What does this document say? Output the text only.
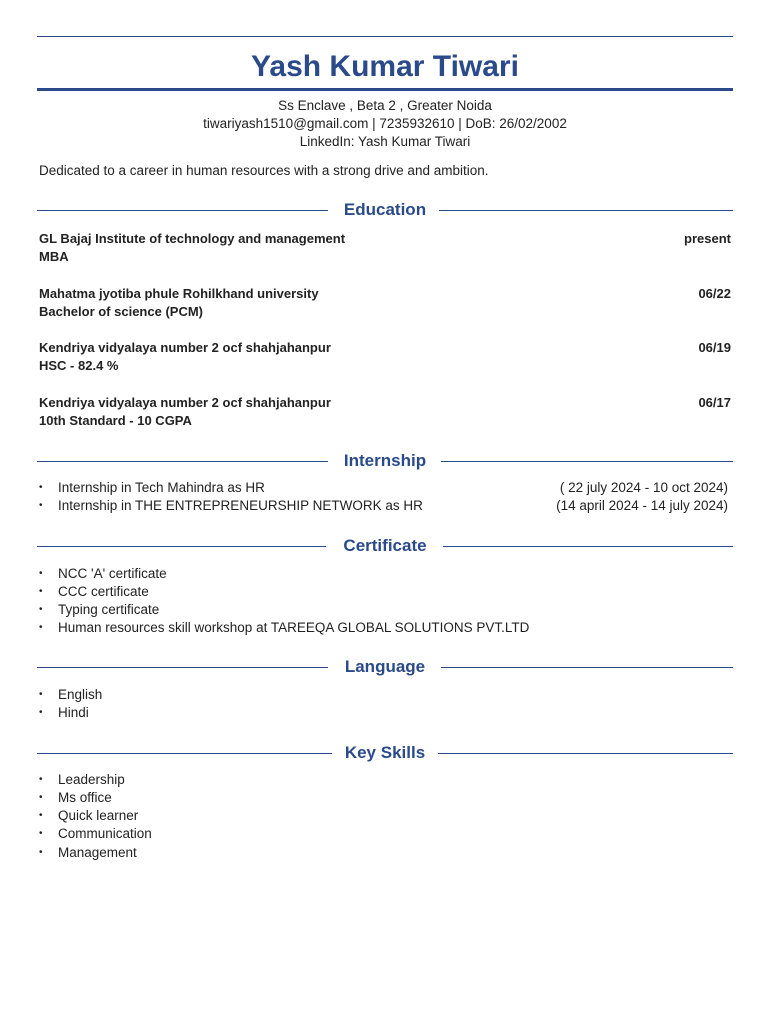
Yash Kumar Tiwari
Ss Enclave , Beta 2 , Greater Noida
tiwariyash1510@gmail.com | 7235932610 | DoB: 26/02/2002
LinkedIn: Yash Kumar Tiwari
Dedicated to a career in human resources with a strong drive and ambition.
Education
GL Bajaj Institute of technology and management
MBA
present
Mahatma jyotiba phule Rohilkhand university
Bachelor of science (PCM)
06/22
Kendriya vidyalaya number 2 ocf shahjahanpur
HSC - 82.4 %
06/19
Kendriya vidyalaya number 2 ocf shahjahanpur
10th Standard - 10 CGPA
06/17
Internship
• Internship in Tech Mahindra as HR	( 22 july 2024 - 10 oct 2024)
• Internship in THE ENTREPRENEURSHIP NETWORK as HR	(14 april 2024 - 14 july 2024)
Certificate
• NCC 'A' certificate
• CCC certificate
• Typing certificate
• Human resources skill workshop at TAREEQA GLOBAL SOLUTIONS PVT.LTD
Language
• English
• Hindi
Key Skills
• Leadership
• Ms office
• Quick learner
• Communication
• Management
